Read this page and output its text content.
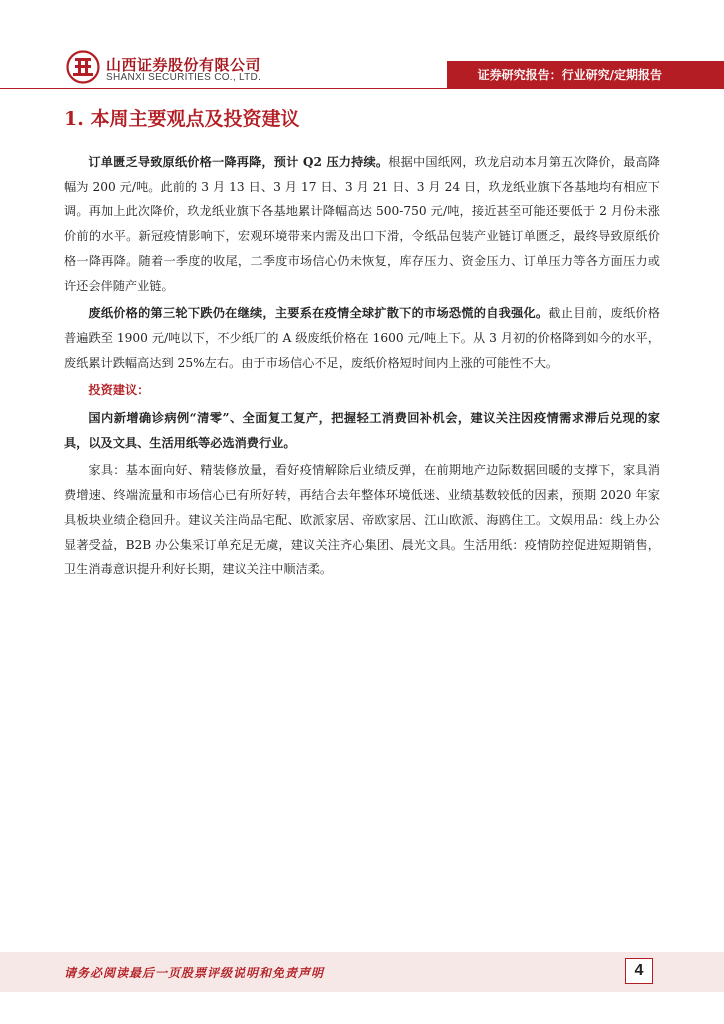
山西证券股份有限公司
SHANXI SECURITIES CO., LTD.	证券研究报告：行业研究/定期报告
1. 本周主要观点及投资建议

订单匮乏导致原纸价格一降再降，预计 Q2 压力持续。根据中国纸网，玖龙启动本月第五次降价，最高降幅为 200 元/吨。此前的 3 月 13 日、3 月 17 日、3 月 21 日、3 月 24 日，玖龙纸业旗下各基地均有相应下调。再加上此次降价，玖龙纸业旗下各基地累计降幅高达 500-750 元/吨，接近甚至可能还要低于 2 月份未涨价前的水平。新冠疫情影响下，宏观环境带来内需及出口下滑，令纸品包装产业链订单匮乏，最终导致原纸价格一降再降。随着一季度的收尾，二季度市场信心仍未恢复，库存压力、资金压力、订单压力等各方面压力或许还会伴随产业链。

废纸价格的第三轮下跌仍在继续，主要系在疫情全球扩散下的市场恐慌的自我强化。截止目前，废纸价格普遍跌至 1900 元/吨以下，不少纸厂的 A 级废纸价格在 1600 元/吨上下。从 3 月初的价格降到如今的水平，废纸累计跌幅高达到 25%左右。由于市场信心不足，废纸价格短时间内上涨的可能性不大。

投资建议：

国内新增确诊病例“清零”、全面复工复产，把握轻工消费回补机会，建议关注因疫情需求滞后兑现的家具，以及文具、生活用纸等必选消费行业。

家具：基本面向好、精装修放量，看好疫情解除后业绩反弹，在前期地产边际数据回暖的支撑下，家具消费增速、终端流量和市场信心已有所好转，再结合去年整体环境低迷、业绩基数较低的因素，预期 2020 年家具板块业绩企稳回升。建议关注尚品宅配、欧派家居、帝欧家居、江山欧派、海鸥住工。文娱用品：线上办公显著受益，B2B 办公集采订单充足无虞，建议关注齐心集团、晨光文具。生活用纸：疫情防控促进短期销售，卫生消毒意识提升利好长期，建议关注中顺洁柔。

请务必阅读最后一页股票评级说明和免责声明	4
